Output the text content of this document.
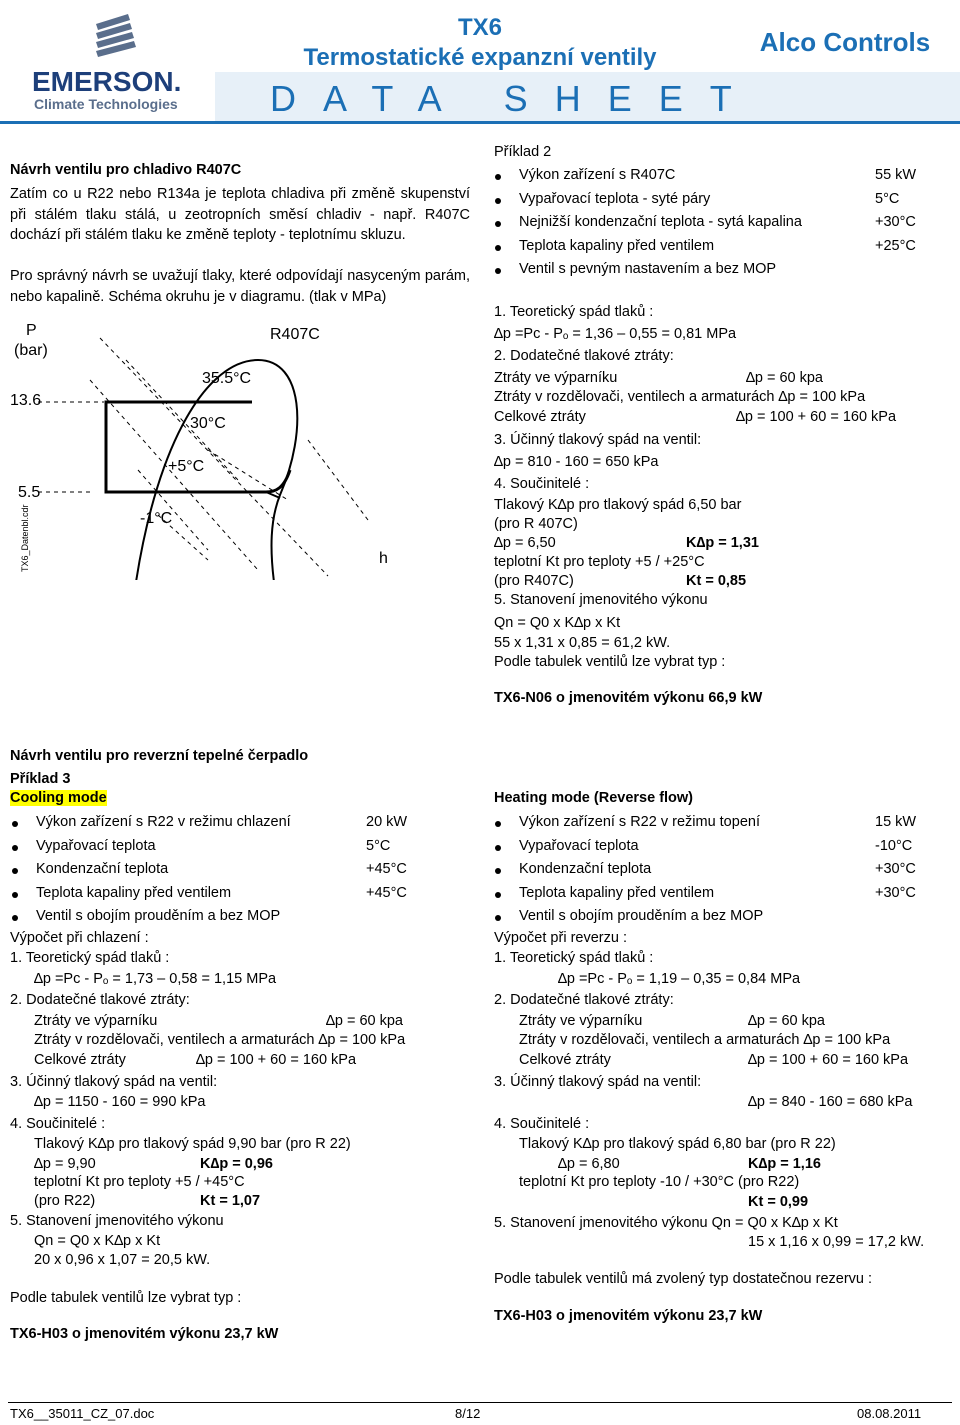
EMERSON.
Climate Technologies
TX6
Termostatické expanzní ventily
Alco Controls
DATA SHEET
Návrh ventilu pro chladivo R407C
Zatím co u R22 nebo R134a je teplota chladiva při změně skupenství při stálém tlaku stálá, u zeotropních směsí chladiv - např. R407C dochází při stálém tlaku ke změně teploty - teplotnímu skluzu.
Pro správný návrh se uvažují tlaky, které odpovídají nasyceným parám, nebo kapalině. Schéma okruhu je v diagramu. (tlak v MPa)
P
(bar)
R407C
13.6
5.5
35.5°C
30°C
+5°C
-1°C
h
TX6_Datenbl.cdr
Příklad 2
Výkon zařízení s R407C	55 kW
Vypařovací teplota - syté páry	5°C
Nejnižší kondenzační teplota - sytá kapalina	+30°C
Teplota kapaliny před ventilem	+25°C
Ventil s pevným nastavením a bez MOP
1. Teoretický spád tlaků :
∆p =Pc - Pₒ = 1,36 – 0,55 = 0,81 MPa
2. Dodatečné tlakové ztráty:
Ztráty ve výparníku	∆p = 60 kpa
Ztráty v rozdělovači, ventilech a armaturách ∆p = 100 kPa
Celkové ztráty	∆p = 100 + 60 = 160 kPa
3. Účinný tlakový spád na ventil:
∆p = 810 - 160 = 650 kPa
4. Součinitelé :
Tlakový K∆p pro tlakový spád 6,50 bar
(pro R 407C)
∆p = 6,50	K∆p = 1,31
teplotní Kt pro teploty +5 / +25°C
(pro R407C)	Kt = 0,85
5. Stanovení jmenovitého výkonu
Qn = Q0 x K∆p x Kt
55 x 1,31 x 0,85 = 61,2 kW.
Podle tabulek ventilů lze vybrat typ :
TX6-N06 o jmenovitém výkonu 66,9 kW
Návrh ventilu pro reverzní tepelné čerpadlo
Příklad 3
Cooling mode
Výkon zařízení s R22 v režimu chlazení	20 kW
Vypařovací teplota	5°C
Kondenzační teplota	+45°C
Teplota kapaliny před ventilem	+45°C
Ventil s obojím prouděním a bez MOP
Výpočet při chlazení :
1. Teoretický spád tlaků :
∆p =Pc - Pₒ = 1,73 – 0,58 = 1,15 MPa
2. Dodatečné tlakové ztráty:
Ztráty ve výparníku	∆p = 60 kpa
Ztráty v rozdělovači, ventilech a armaturách ∆p = 100 kPa
Celkové ztráty	∆p = 100 + 60 = 160 kPa
3. Účinný tlakový spád na ventil:
∆p = 1150 - 160 = 990 kPa
4. Součinitelé :
Tlakový K∆p pro tlakový spád 9,90 bar (pro R 22)
∆p = 9,90	K∆p = 0,96
teplotní Kt pro teploty +5 / +45°C
(pro R22)	Kt = 1,07
5. Stanovení jmenovitého výkonu
Qn = Q0 x K∆p x Kt
20 x 0,96 x 1,07 = 20,5 kW.
Podle tabulek ventilů lze vybrat typ :
TX6-H03 o jmenovitém výkonu 23,7 kW
Heating mode (Reverse flow)
Výkon zařízení s R22 v režimu topení	15 kW
Vypařovací teplota	-10°C
Kondenzační teplota	+30°C
Teplota kapaliny před ventilem	+30°C
Ventil s obojím prouděním a bez MOP
Výpočet při reverzu :
1. Teoretický spád tlaků :
∆p =Pc - Pₒ = 1,19 – 0,35 = 0,84 MPa
2. Dodatečné tlakové ztráty:
Ztráty ve výparníku	∆p = 60 kpa
Ztráty v rozdělovači, ventilech a armaturách ∆p = 100 kPa
Celkové ztráty	∆p = 100 + 60 = 160 kPa
3. Účinný tlakový spád na ventil:
∆p = 840 - 160 = 680 kPa
4. Součinitelé :
Tlakový K∆p pro tlakový spád 6,80 bar (pro R 22)
∆p = 6,80	K∆p = 1,16
teplotní Kt pro teploty -10 / +30°C (pro R22)
Kt = 0,99
5. Stanovení jmenovitého výkonu Qn = Q0 x K∆p x Kt
15 x 1,16 x 0,99 = 17,2 kW.
Podle tabulek ventilů má zvolený typ dostatečnou rezervu :
TX6-H03 o jmenovitém výkonu 23,7 kW
TX6__35011_CZ_07.doc	8/12	08.08.2011
